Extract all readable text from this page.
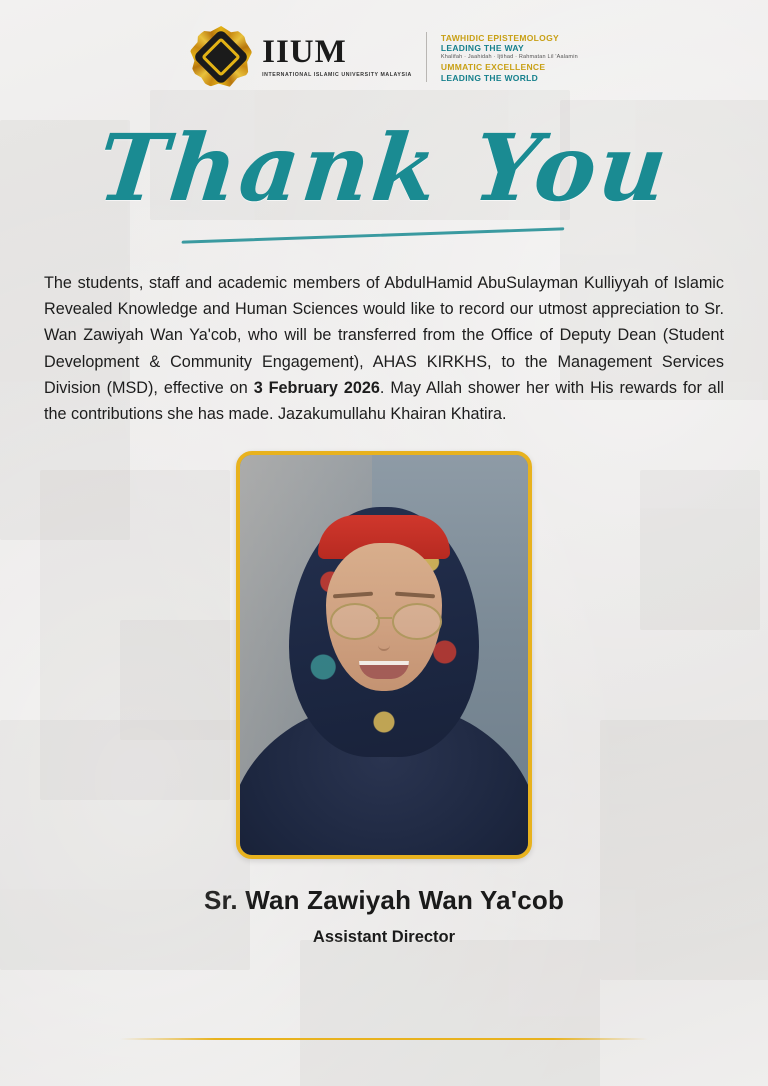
IIUM
INTERNATIONAL ISLAMIC UNIVERSITY MALAYSIA
TAWHIDIC EPISTEMOLOGY
LEADING THE WAY
Khalifah · Jaahidah · Ijtihad · Rahmatan Lil 'Aalamin
UMMATIC EXCELLENCE
LEADING THE WORLD
Thank You
The students, staff and academic members of AbdulHamid AbuSulayman Kulliyyah of Islamic Revealed Knowledge and Human Sciences would like to record our utmost appreciation to Sr. Wan Zawiyah Wan Ya'cob, who will be transferred from the Office of Deputy Dean (Student Development & Community Engagement), AHAS KIRKHS, to the Management Services Division (MSD), effective on 3 February 2026. May Allah shower her with His rewards for all the contributions she has made. Jazakumullahu Khairan Khatira.
Sr. Wan Zawiyah Wan Ya'cob
Assistant Director
